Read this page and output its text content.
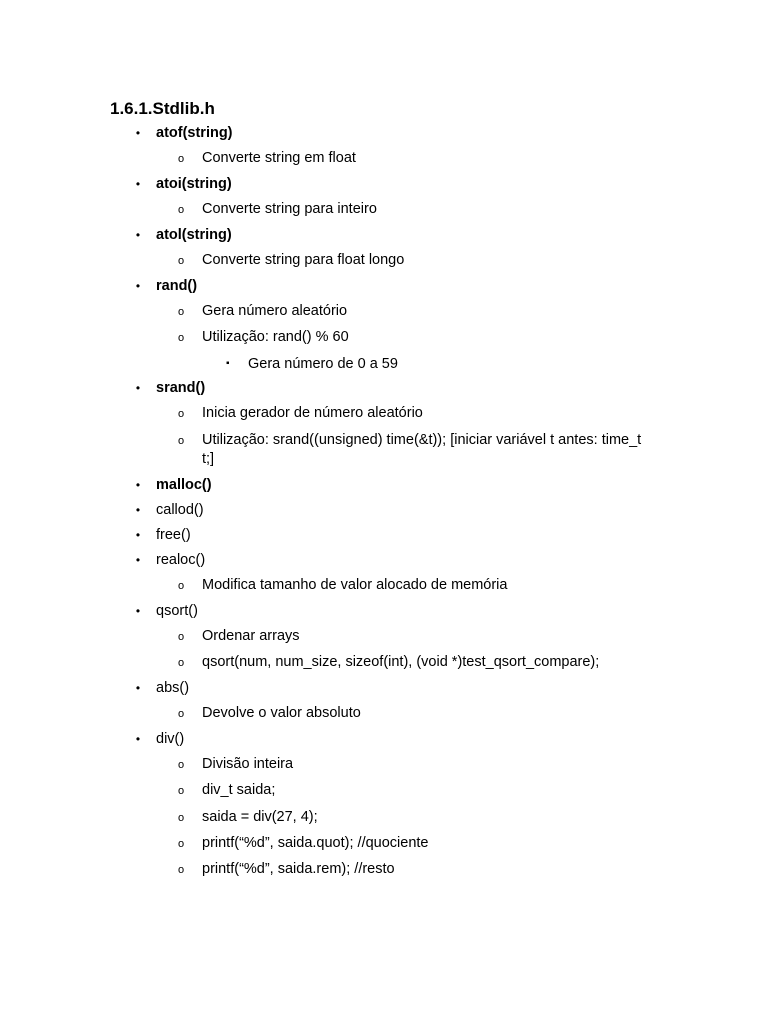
1.6.1.Stdlib.h
• atof(string)
o Converte string em float
• atoi(string)
o Converte string para inteiro
• atol(string)
o Converte string para float longo
• rand()
o Gera número aleatório
o Utilização: rand() % 60
▪ Gera número de 0 a 59
• srand()
o Inicia gerador de número aleatório
o Utilização: srand((unsigned) time(&t)); [iniciar variável t antes: time_t t;]
• malloc()
• callod()
• free()
• realoc()
o Modifica tamanho de valor alocado de memória
• qsort()
o Ordenar arrays
o qsort(num, num_size, sizeof(int), (void *)test_qsort_compare);
• abs()
o Devolve o valor absoluto
• div()
o Divisão inteira
o div_t saida;
o saida = div(27, 4);
o printf(“%d”, saida.quot); //quociente
o printf(“%d”, saida.rem); //resto
